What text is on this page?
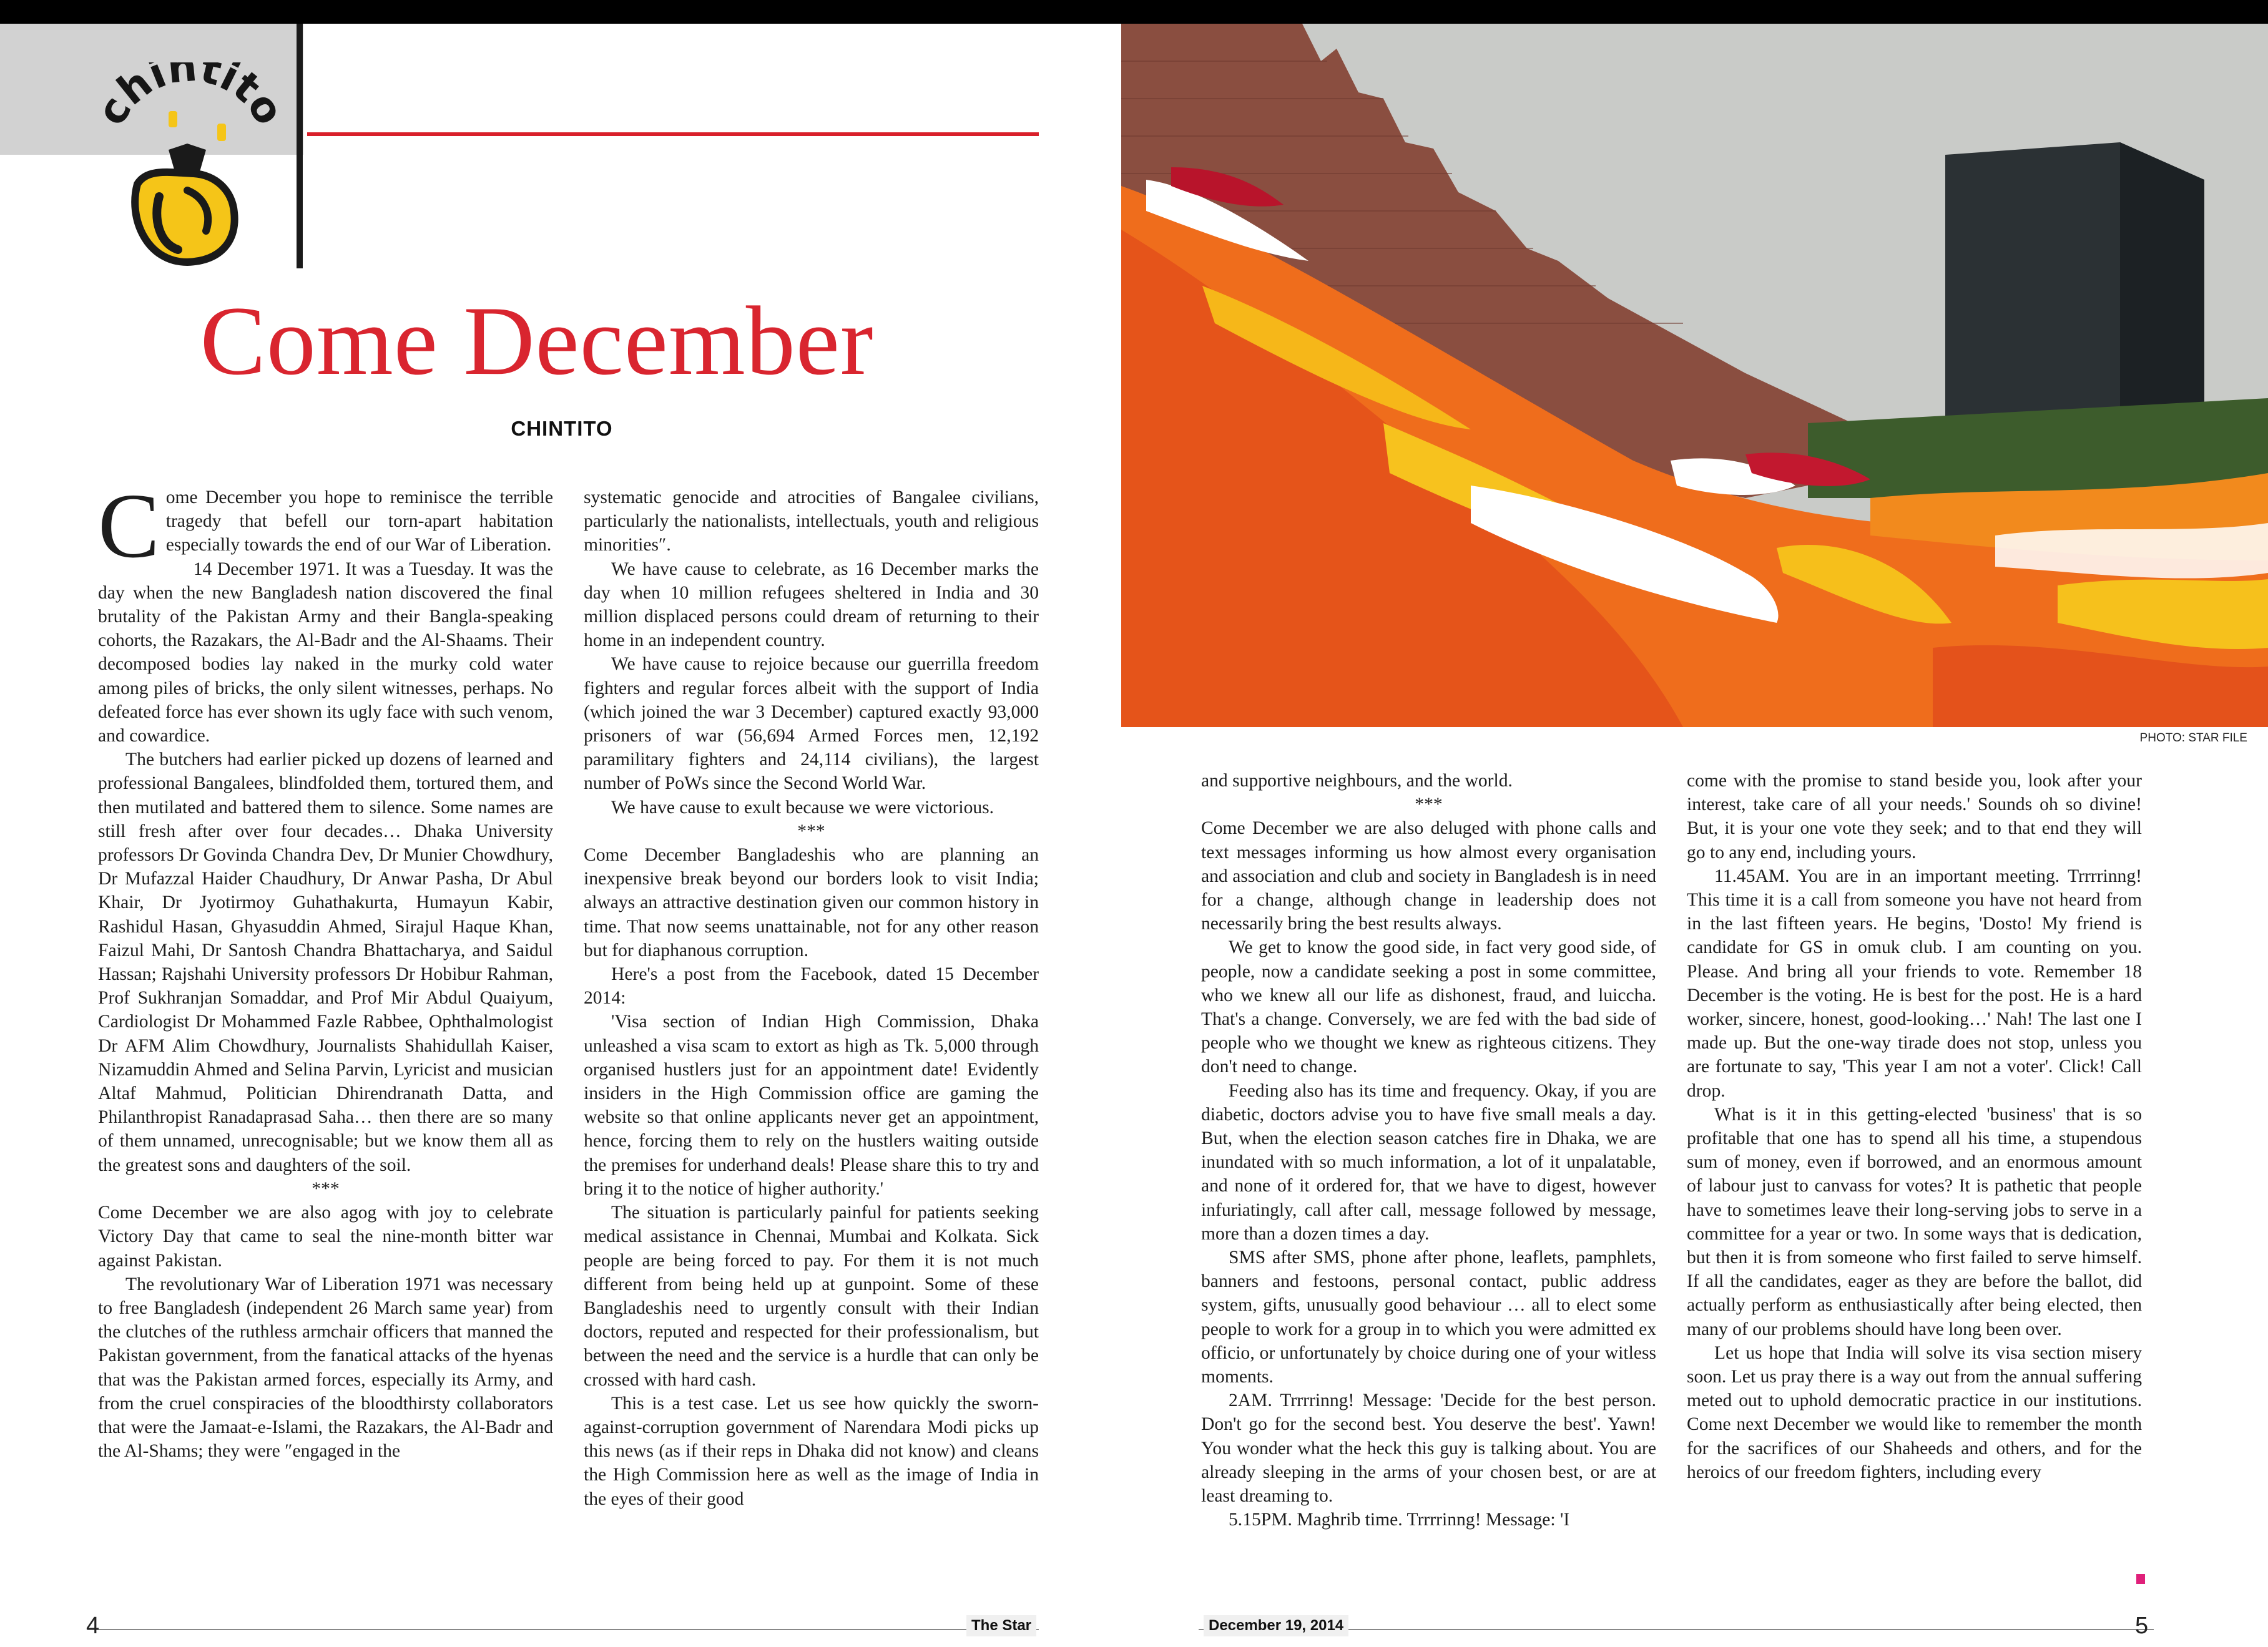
hintit
Come December
CHINTITO

Come December you hope to reminisce the terrible tragedy that befell our torn-apart habitation especially towards the end of our War of Liberation.

14 December 1971. It was a Tuesday. It was the day when the new Bangladesh nation discovered the final brutality of the Pakistan Army and their Bangla-speaking cohorts, the Razakars, the Al-Badr and the Al-Shaams. Their decomposed bodies lay naked in the murky cold water among piles of bricks, the only silent witnesses, perhaps. No defeated force has ever shown its ugly face with such venom, and cowardice.

The butchers had earlier picked up dozens of learned and professional Bangalees, blindfolded them, tortured them, and then mutilated and battered them to silence. Some names are still fresh after over four decades… Dhaka University professors Dr Govinda Chandra Dev, Dr Munier Chowdhury, Dr Mufazzal Haider Chaudhury, Dr Anwar Pasha, Dr Abul Khair, Dr Jyotirmoy Guhathakurta, Humayun Kabir, Rashidul Hasan, Ghyasuddin Ahmed, Sirajul Haque Khan, Faizul Mahi, Dr Santosh Chandra Bhattacharya, and Saidul Hassan; Rajshahi University professors Dr Hobibur Rahman, Prof Sukhranjan Somaddar, and Prof Mir Abdul Quaiyum, Cardiologist Dr Mohammed Fazle Rabbee, Ophthalmologist Dr AFM Alim Chowdhury, Journalists Shahidullah Kaiser, Nizamuddin Ahmed and Selina Parvin, Lyricist and musician Altaf Mahmud, Politician Dhirendranath Datta, and Philanthropist Ranadaprasad Saha… then there are so many of them unnamed, unrecognisable; but we know them all as the greatest sons and daughters of the soil.

***

Come December we are also agog with joy to celebrate Victory Day that came to seal the nine-month bitter war against Pakistan.

The revolutionary War of Liberation 1971 was necessary to free Bangladesh (independent 26 March same year) from the clutches of the ruthless armchair officers that manned the Pakistan government, from the fanatical attacks of the hyenas that was the Pakistan armed forces, especially its Army, and from the cruel conspiracies of the bloodthirsty collaborators that were the Jamaat-e-Islami, the Razakars, the Al-Badr and the Al-Shams; they were ″engaged in the

systematic genocide and atrocities of Bangalee civilians, particularly the nationalists, intellectuals, youth and religious minorities″.

We have cause to celebrate, as 16 December marks the day when 10 million refugees sheltered in India and 30 million displaced persons could dream of returning to their home in an independent country.

We have cause to rejoice because our guerrilla freedom fighters and regular forces albeit with the support of India (which joined the war 3 December) captured exactly 93,000 prisoners of war (56,694 Armed Forces men, 12,192 paramilitary fighters and 24,114 civilians), the largest number of PoWs since the Second World War.

We have cause to exult because we were victorious.

***

Come December Bangladeshis who are planning an inexpensive break beyond our borders look to visit India; always an attractive destination given our common history in time. That now seems unattainable, not for any other reason but for diaphanous corruption.

Here's a post from the Facebook, dated 15 December 2014:

'Visa section of Indian High Commission, Dhaka unleashed a visa scam to extort as high as Tk. 5,000 through organised hustlers just for an appointment date! Evidently insiders in the High Commission office are gaming the website so that online applicants never get an appointment, hence, forcing them to rely on the hustlers waiting outside the premises for underhand deals! Please share this to try and bring it to the notice of higher authority.'

The situation is particularly painful for patients seeking medical assistance in Chennai, Mumbai and Kolkata. Sick people are being forced to pay. For them it is not much different from being held up at gunpoint. Some of these Bangladeshis need to urgently consult with their Indian doctors, reputed and respected for their professionalism, but between the need and the service is a hurdle that can only be crossed with hard cash.

This is a test case. Let us see how quickly the sworn-against-corruption government of Narendara Modi picks up this news (as if their reps in Dhaka did not know) and cleans the High Commission here as well as the image of India in the eyes of their good

PHOTO: STAR FILE

and supportive neighbours, and the world.

***

Come December we are also deluged with phone calls and text messages informing us how almost every organisation and association and club and society in Bangladesh is in need for a change, although change in leadership does not necessarily bring the best results always.

We get to know the good side, in fact very good side, of people, now a candidate seeking a post in some committee, who we knew all our life as dishonest, fraud, and luiccha. That's a change. Conversely, we are fed with the bad side of people who we thought we knew as righteous citizens. They don't need to change.

Feeding also has its time and frequency. Okay, if you are diabetic, doctors advise you to have five small meals a day. But, when the election season catches fire in Dhaka, we are inundated with so much information, a lot of it unpalatable, and none of it ordered for, that we have to digest, however infuriatingly, call after call, message followed by message, more than a dozen times a day.

SMS after SMS, phone after phone, leaflets, pamphlets, banners and festoons, personal contact, public address system, gifts, unusually good behaviour … all to elect some people to work for a group in to which you were admitted ex officio, or unfortunately by choice during one of your witless moments.

2AM. Trrrrinng! Message: 'Decide for the best person. Don't go for the second best. You deserve the best'. Yawn! You wonder what the heck this guy is talking about. You are already sleeping in the arms of your chosen best, or are at least dreaming to.

5.15PM. Maghrib time. Trrrrinng! Message: 'I

come with the promise to stand beside you, look after your interest, take care of all your needs.' Sounds oh so divine! But, it is your one vote they seek; and to that end they will go to any end, including yours.

11.45AM. You are in an important meeting. Trrrrinng! This time it is a call from someone you have not heard from in the last fifteen years. He begins, 'Dosto! My friend is candidate for GS in omuk club. I am counting on you. Please. And bring all your friends to vote. Remember 18 December is the voting. He is best for the post. He is a hard worker, sincere, honest, good-looking…' Nah! The last one I made up. But the one-way tirade does not stop, unless you are fortunate to say, 'This year I am not a voter'. Click! Call drop.

What is it in this getting-elected 'business' that is so profitable that one has to spend all his time, a stupendous sum of money, even if borrowed, and an enormous amount of labour just to canvass for votes? It is pathetic that people have to sometimes leave their long-serving jobs to serve in a committee for a year or two. In some ways that is dedication, but then it is from someone who first failed to serve himself. If all the candidates, eager as they are before the ballot, did actually perform as enthusiastically after being elected, then many of our problems should have long been over.

Let us hope that India will solve its visa section misery soon. Let us pray there is a way out from the annual suffering meted out to uphold democratic practice in our institutions. Come next December we would like to remember the month for the sacrifices of our Shaheeds and others, and for the heroics of our freedom fighters, including every

4	The Star	December 19, 2014	5
